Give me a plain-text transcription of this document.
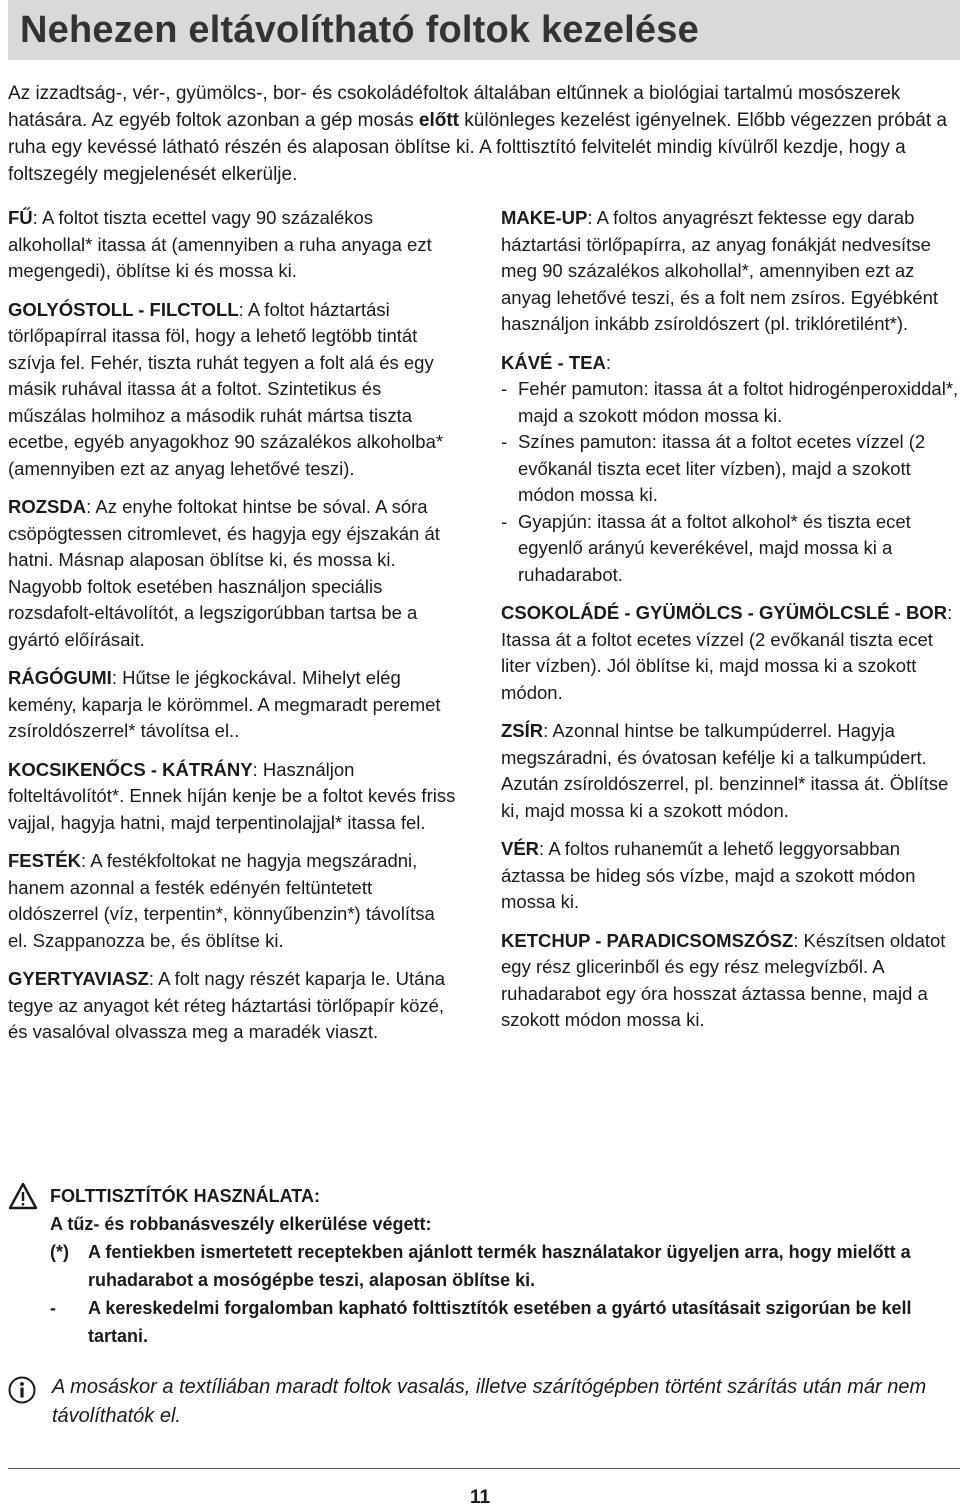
Nehezen eltávolítható foltok kezelése

Az izzadtság-, vér-, gyümölcs-, bor- és csokoládéfoltok általában eltűnnek a biológiai tartalmú mosószerek hatására. Az egyéb foltok azonban a gép mosás előtt különleges kezelést igényelnek. Előbb végezzen próbát a ruha egy kevéssé látható részén és alaposan öblítse ki. A folttisztító felvitelét mindig kívülről kezdje, hogy a foltszegély megjelenését elkerülje.

FŰ: A foltot tiszta ecettel vagy 90 százalékos alkohollal* itassa át (amennyiben a ruha anyaga ezt megengedi), öblítse ki és mossa ki.

GOLYÓSTOLL - FILCTOLL: A foltot háztartási törlőpapírral itassa föl, hogy a lehető legtöbb tintát szívja fel. Fehér, tiszta ruhát tegyen a folt alá és egy másik ruhával itassa át a foltot. Szintetikus és műszálas holmihoz a második ruhát mártsa tiszta ecetbe, egyéb anyagokhoz 90 százalékos alkoholba* (amennyiben ezt az anyag lehetővé teszi).

ROZSDA: Az enyhe foltokat hintse be sóval. A sóra csöpögtessen citromlevet, és hagyja egy éjszakán át hatni. Másnap alaposan öblítse ki, és mossa ki. Nagyobb foltok esetében használjon speciális rozsdafolt-eltávolítót, a legszigorúbban tartsa be a gyártó előírásait.

RÁGÓGUMI: Hűtse le jégkockával. Mihelyt elég kemény, kaparja le körömmel. A megmaradt peremet zsíroldószerrel* távolítsa el..

KOCSIKENŐCS - KÁTRÁNY: Használjon folteltávolítót*. Ennek híján kenje be a foltot kevés friss vajjal, hagyja hatni, majd terpentinolajjal* itassa fel.

FESTÉK: A festékfoltokat ne hagyja megszáradni, hanem azonnal a festék edényén feltüntetett oldószerrel (víz, terpentin*, könnyűbenzin*) távolítsa el. Szappanozza be, és öblítse ki.

GYERTYAVIASZ: A folt nagy részét kaparja le. Utána tegye az anyagot két réteg háztartási törlőpapír közé, és vasalóval olvassza meg a maradék viaszt.

MAKE-UP: A foltos anyagrészt fektesse egy darab háztartási törlőpapírra, az anyag fonákját nedvesítse meg 90 százalékos alkohollal*, amennyiben ezt az anyag lehetővé teszi, és a folt nem zsíros. Egyébként használjon inkább zsíroldószert (pl. triklóretilént*).

KÁVÉ - TEA:

- Fehér pamuton: itassa át a foltot hidrogénperoxiddal*, majd a szokott módon mossa ki.
- Színes pamuton: itassa át a foltot ecetes vízzel (2 evőkanál tiszta ecet liter vízben), majd a szokott módon mossa ki.
- Gyapjún: itassa át a foltot alkohol* és tiszta ecet egyenlő arányú keverékével, majd mossa ki a ruhadarabot.

CSOKOLÁDÉ - GYÜMÖLCS - GYÜMÖLCSLÉ - BOR: Itassa át a foltot ecetes vízzel (2 evőkanál tiszta ecet liter vízben). Jól öblítse ki, majd mossa ki a szokott módon.

ZSÍR: Azonnal hintse be talkumpúderrel. Hagyja megszáradni, és óvatosan kefélje ki a talkumpúdert. Azután zsíroldószerrel, pl. benzinnel* itassa át. Öblítse ki, majd mossa ki a szokott módon.

VÉR: A foltos ruhaneműt a lehető leggyorsabban áztassa be hideg sós vízbe, majd a szokott módon mossa ki.

KETCHUP - PARADICSOMSZÓSZ: Készítsen oldatot egy rész glicerinből és egy rész melegvízből. A ruhadarabot egy óra hosszat áztassa benne, majd a szokott módon mossa ki.

FOLTTISZTÍTÓK HASZNÁLATA:
A tűz- és robbanásveszély elkerülése végett:
(*) A fentiekben ismertetett receptekben ajánlott termék használatakor ügyeljen arra, hogy mielőtt a ruhadarabot a mosógépbe teszi, alaposan öblítse ki.
- A kereskedelmi forgalomban kapható folttisztítók esetében a gyártó utasításait szigorúan be kell tartani.
A mosáskor a textíliában maradt foltok vasalás, illetve szárítógépben történt szárítás után már nem távolíthatók el.
11
